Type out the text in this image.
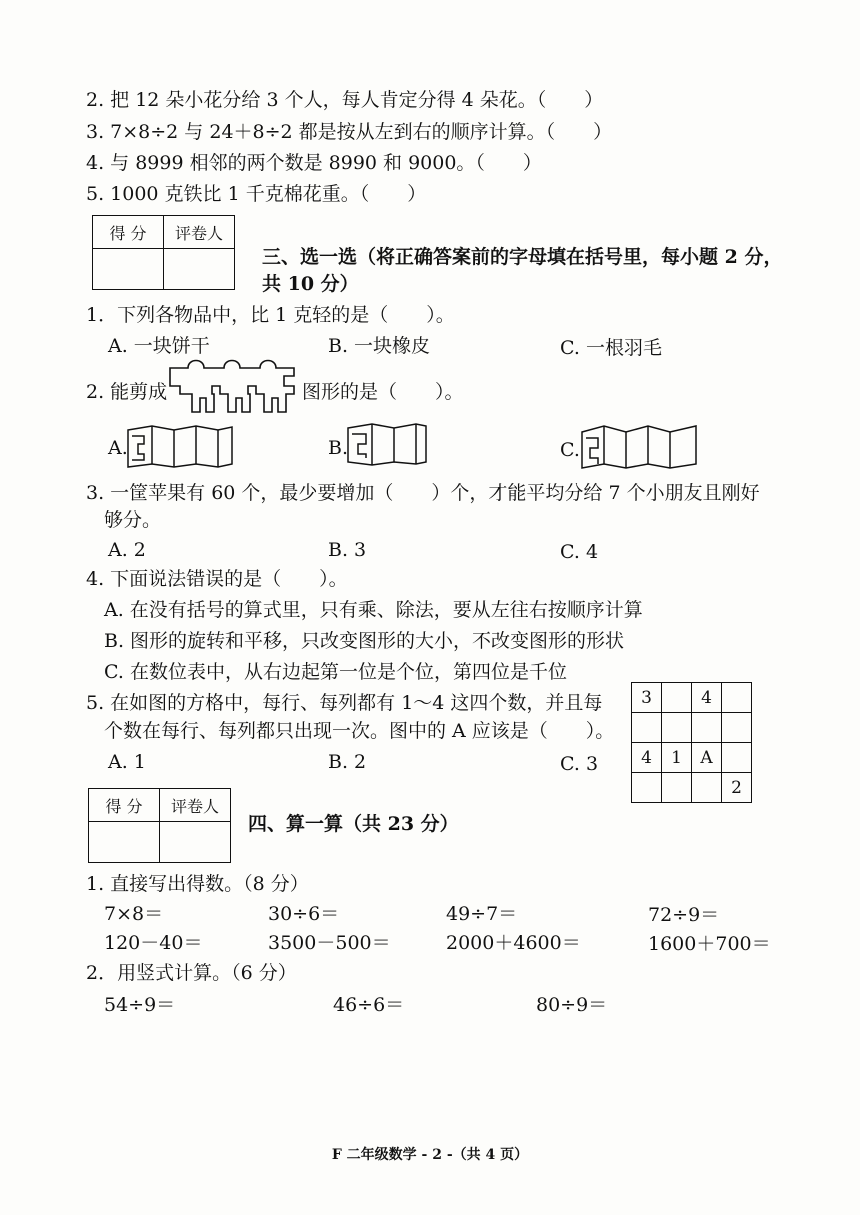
2. 把 12 朵小花分给 3 个人，每人肯定分得 4 朵花。（　　）
3. 7×8÷2 与 24＋8÷2 都是按从左到右的顺序计算。（　　）
4. 与 8999 相邻的两个数是 8990 和 9000。（　　）
5. 1000 克铁比 1 千克棉花重。（　　）
得 分	评卷人

三、选一选（将正确答案前的字母填在括号里，每小题 2 分，
共 10 分）
1．下列各物品中，比 1 克轻的是（　　）。
A. 一块饼干	B. 一块橡皮	C. 一根羽毛
2. 能剪成	图形的是（　　）。
A.	B.	C.
3. 一筐苹果有 60 个，最少要增加（　　）个，才能平均分给 7 个小朋友且刚好
够分。
A. 2	B. 3	C. 4
4. 下面说法错误的是（　　）。
A. 在没有括号的算式里，只有乘、除法，要从左往右按顺序计算
B. 图形的旋转和平移，只改变图形的大小，不改变图形的形状
C. 在数位表中，从右边起第一位是个位，第四位是千位
5. 在如图的方格中，每行、每列都有 1～4 这四个数，并且每
个数在每行、每列都只出现一次。图中的 A 应该是（　　）。
A. 1	B. 2	C. 3
3		4	

4	1	A	
			2
得 分	评卷人

四、算一算（共 23 分）
1. 直接写出得数。（8 分）
7×8＝	30÷6＝	49÷7＝	72÷9＝
120－40＝	3500－500＝	2000＋4600＝	1600＋700＝
2．用竖式计算。（6 分）
54÷9＝	46÷6＝	80÷9＝
F 二年级数学 - 2 -（共 4 页）
